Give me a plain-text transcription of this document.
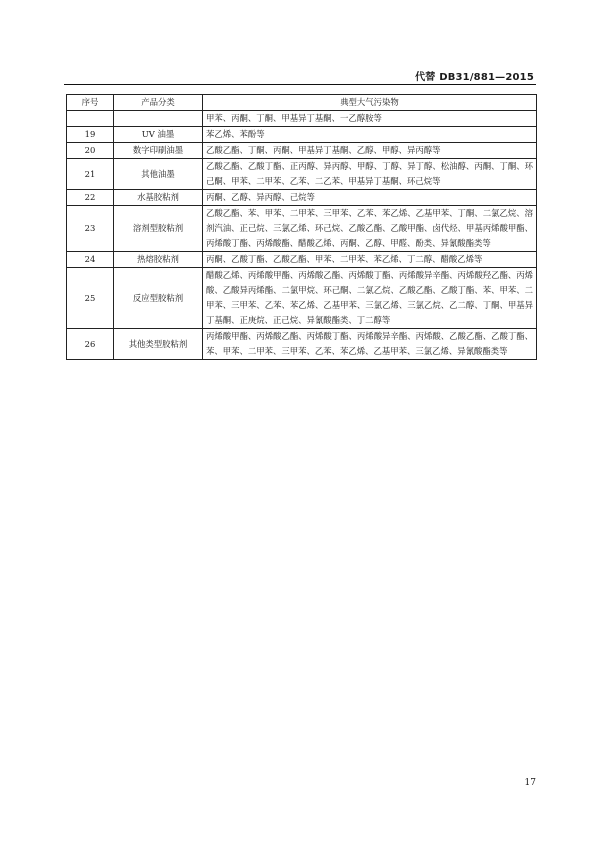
代替 DB31/881—2015
序号	产品分类	典型大气污染物
		甲苯、丙酮、丁酮、甲基异丁基酮、一乙醇胺等
19	UV 油墨	苯乙烯、苯酚等
20	数字印刷油墨	乙酸乙酯、丁酮、丙酮、甲基异丁基酮、乙醇、甲醇、异丙醇等
21	其他油墨	乙酸乙酯、乙酸丁酯、正丙醇、异丙醇、甲醇、丁醇、异丁醇、松油醇、丙酮、丁酮、环己酮、甲苯、二甲苯、乙苯、二乙苯、甲基异丁基酮、环己烷等
22	水基胶粘剂	丙酮、乙醇、异丙醇、己烷等
23	溶剂型胶粘剂	乙酸乙酯、苯、甲苯、二甲苯、三甲苯、乙苯、苯乙烯、乙基甲苯、丁酮、二氯乙烷、溶剂汽油、正己烷、三氯乙烯、环己烷、乙酸乙酯、乙酸甲酯、卤代烃、甲基丙烯酸甲酯、丙烯酸丁酯、丙烯酸酯、醋酸乙烯、丙酮、乙醇、甲醛、酚类、异氰酸酯类等
24	热熔胶粘剂	丙酮、乙酸丁酯、乙酸乙酯、甲苯、二甲苯、苯乙烯、丁二醇、醋酸乙烯等
25	反应型胶粘剂	醋酸乙烯、丙烯酸甲酯、丙烯酸乙酯、丙烯酸丁酯、丙烯酸异辛酯、丙烯酸羟乙酯、丙烯酸、乙酸异丙烯酯、二氯甲烷、环己酮、二氯乙烷、乙酸乙酯、乙酸丁酯、苯、甲苯、二甲苯、三甲苯、乙苯、苯乙烯、乙基甲苯、三氯乙烯、三氯乙烷、乙二醇、丁酮、甲基异丁基酮、正庚烷、正己烷、异氰酸酯类、丁二醇等
26	其他类型胶粘剂	丙烯酸甲酯、丙烯酸乙酯、丙烯酸丁酯、丙烯酸异辛酯、丙烯酸、乙酸乙酯、乙酸丁酯、苯、甲苯、二甲苯、三甲苯、乙苯、苯乙烯、乙基甲苯、三氯乙烯、异氰酸酯类等
17
